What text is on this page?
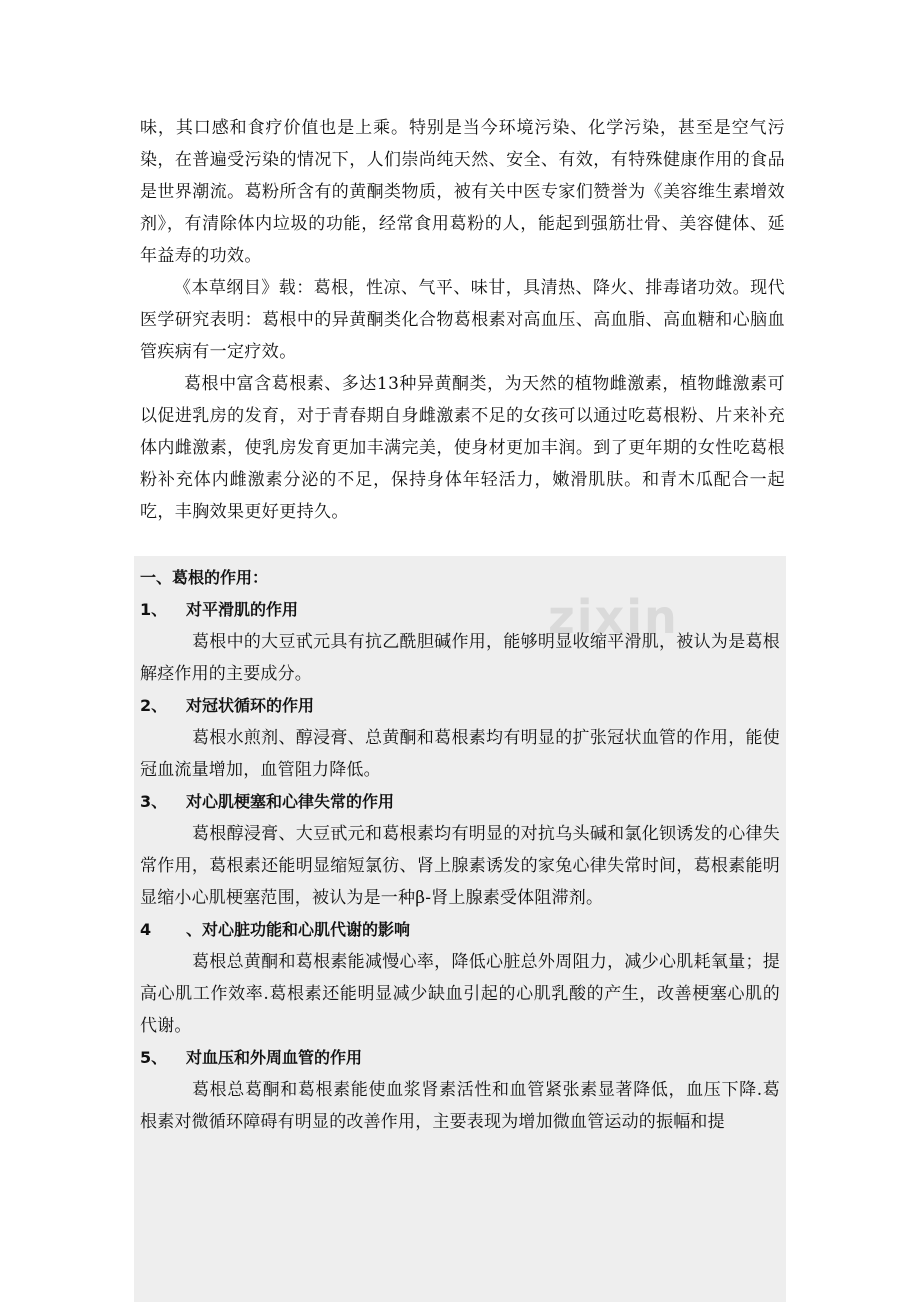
味，其口感和食疗价值也是上乘。特别是当今环境污染、化学污染，甚至是空气污染，在普遍受污染的情况下，人们崇尚纯天然、安全、有效，有特殊健康作用的食品是世界潮流。葛粉所含有的黄酮类物质，被有关中医专家们赞誉为《美容维生素增效剂》，有清除体内垃圾的功能，经常食用葛粉的人，能起到强筋壮骨、美容健体、延年益寿的功效。

《本草纲目》载：葛根，性凉、气平、味甘，具清热、降火、排毒诸功效。现代医学研究表明：葛根中的异黄酮类化合物葛根素对高血压、高血脂、高血糖和心脑血管疾病有一定疗效。

葛根中富含葛根素、多达13种异黄酮类，为天然的植物雌激素，植物雌激素可以促进乳房的发育，对于青春期自身雌激素不足的女孩可以通过吃葛根粉、片来补充体内雌激素，使乳房发育更加丰满完美，使身材更加丰润。到了更年期的女性吃葛根粉补充体内雌激素分泌的不足，保持身体年轻活力，嫩滑肌肤。和青木瓜配合一起吃，丰胸效果更好更持久。

一、葛根的作用：

1、 对平滑肌的作用

葛根中的大豆甙元具有抗乙酰胆碱作用，能够明显收缩平滑肌，被认为是葛根解痉作用的主要成分。

2、 对冠状循环的作用

葛根水煎剂、醇浸膏、总黄酮和葛根素均有明显的扩张冠状血管的作用，能使冠血流量增加，血管阻力降低。

3、 对心肌梗塞和心律失常的作用

葛根醇浸膏、大豆甙元和葛根素均有明显的对抗乌头碱和氯化钡诱发的心律失常作用，葛根素还能明显缩短氯彷、肾上腺素诱发的家兔心律失常时间，葛根素能明显缩小心肌梗塞范围，被认为是一种β-肾上腺素受体阻滞剂。

4 、对心脏功能和心肌代谢的影响

葛根总黄酮和葛根素能减慢心率，降低心脏总外周阻力，减少心肌耗氧量；提高心肌工作效率.葛根素还能明显减少缺血引起的心肌乳酸的产生，改善梗塞心肌的代谢。

5、 对血压和外周血管的作用

葛根总葛酮和葛根素能使血浆肾素活性和血管紧张素显著降低，血压下降.葛根素对微循环障碍有明显的改善作用，主要表现为增加微血管运动的振幅和提

zixin
